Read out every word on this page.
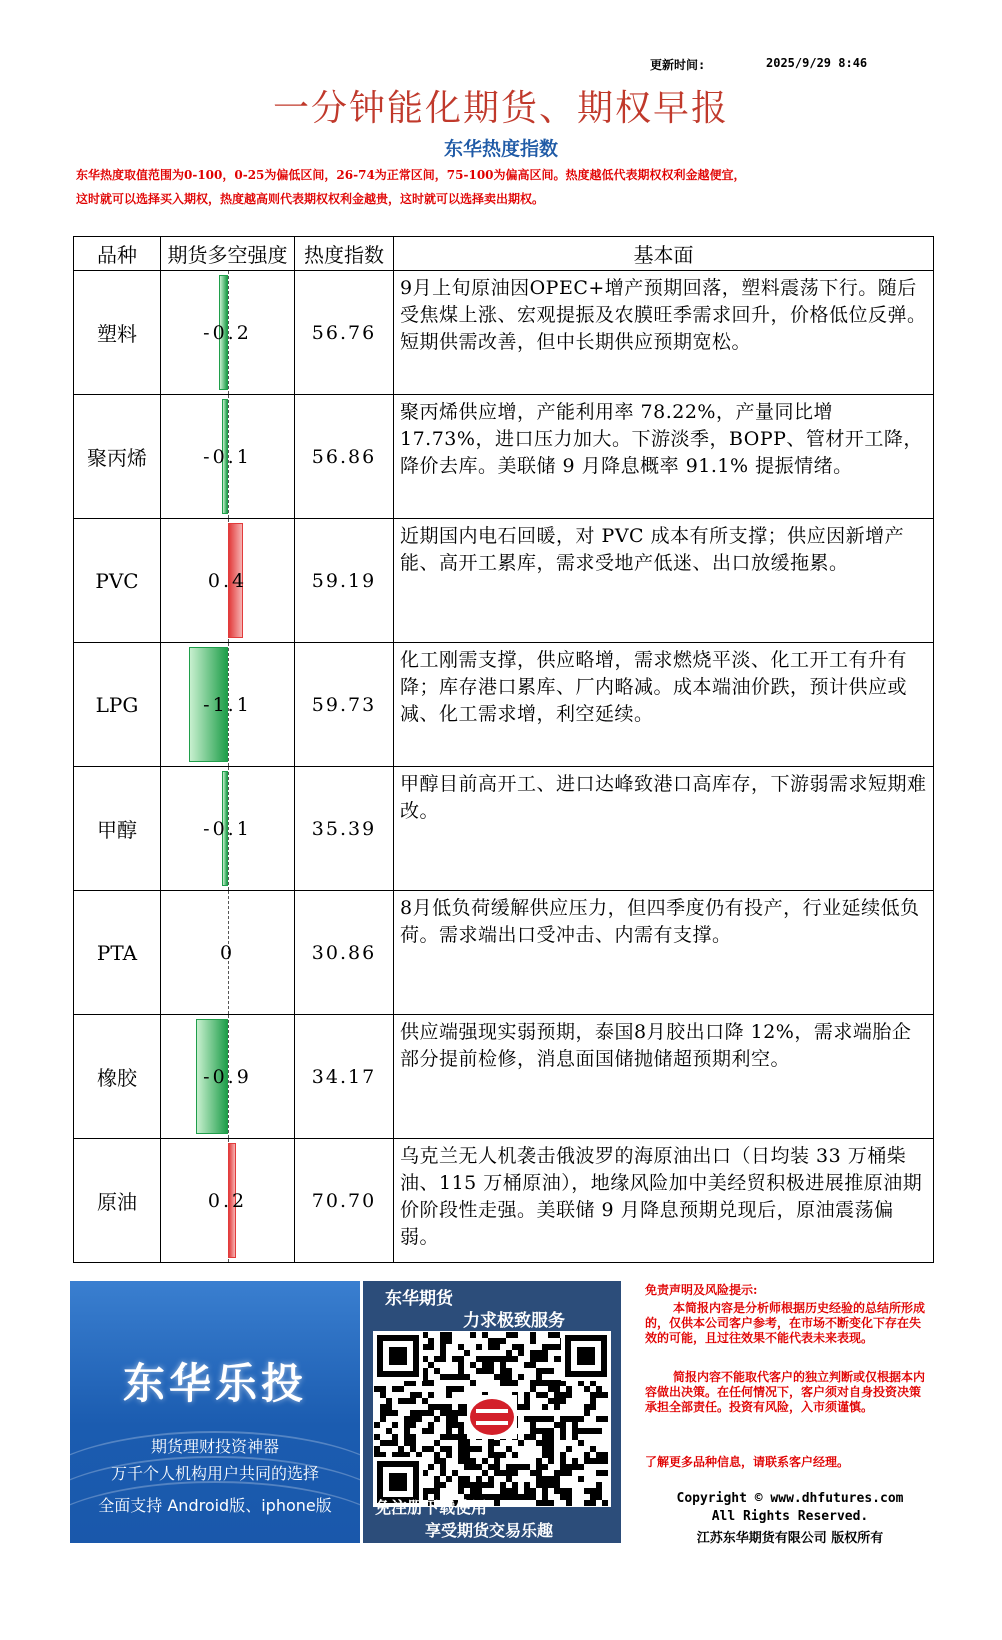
更新时间:	2025/9/29 8:46
一分钟能化期货、期权早报
东华热度指数
东华热度取值范围为0-100，0-25为偏低区间，26-74为正常区间，75-100为偏高区间。热度越低代表期权权利金越便宜，
这时就可以选择买入期权，热度越高则代表期权权利金越贵，这时就可以选择卖出期权。
品种	期货多空强度	热度指数	基本面
塑料	-0.2	56.76	9月上旬原油因OPEC+增产预期回落，塑料震荡下行。随后受焦煤上涨、宏观提振及农膜旺季需求回升，价格低位反弹。短期供需改善，但中长期供应预期宽松。
聚丙烯	-0.1	56.86	聚丙烯供应增，产能利用率 78.22%，产量同比增 17.73%，进口压力加大。下游淡季，BOPP、管材开工降，降价去库。美联储 9 月降息概率 91.1% 提振情绪。
PVC	0.4	59.19	近期国内电石回暖，对 PVC 成本有所支撑；供应因新增产能、高开工累库，需求受地产低迷、出口放缓拖累。
LPG	-1.1	59.73	化工刚需支撑，供应略增，需求燃烧平淡、化工开工有升有降；库存港口累库、厂内略减。成本端油价跌，预计供应或减、化工需求增，利空延续。
甲醇	-0.1	35.39	甲醇目前高开工、进口达峰致港口高库存，下游弱需求短期难改。
PTA	0	30.86	8月低负荷缓解供应压力，但四季度仍有投产，行业延续低负荷。需求端出口受冲击、内需有支撑。
橡胶	-0.9	34.17	供应端强现实弱预期，泰国8月胶出口降 12%，需求端胎企部分提前检修，消息面国储抛储超预期利空。
原油	0.2	70.70	乌克兰无人机袭击俄波罗的海原油出口（日均装 33 万桶柴油、115 万桶原油），地缘风险加中美经贸积极进展推原油期价阶段性走强。美联储 9 月降息预期兑现后，原油震荡偏弱。
东华乐投
期货理财投资神器
万千个人机构用户共同的选择
全面支持 Android版、iphone版
东华期货
力求极致服务
免注册下载使用
享受期货交易乐趣
免责声明及风险提示:
本简报内容是分析师根据历史经验的总结所形成的，仅供本公司客户参考，在市场不断变化下存在失效的可能，且过往效果不能代表未来表现。
简报内容不能取代客户的独立判断或仅根据本内容做出决策。在任何情况下，客户须对自身投资决策承担全部责任。投资有风险，入市须谨慎。
了解更多品种信息，请联系客户经理。
Copyright © www.dhfutures.com
All Rights Reserved.
江苏东华期货有限公司 版权所有
